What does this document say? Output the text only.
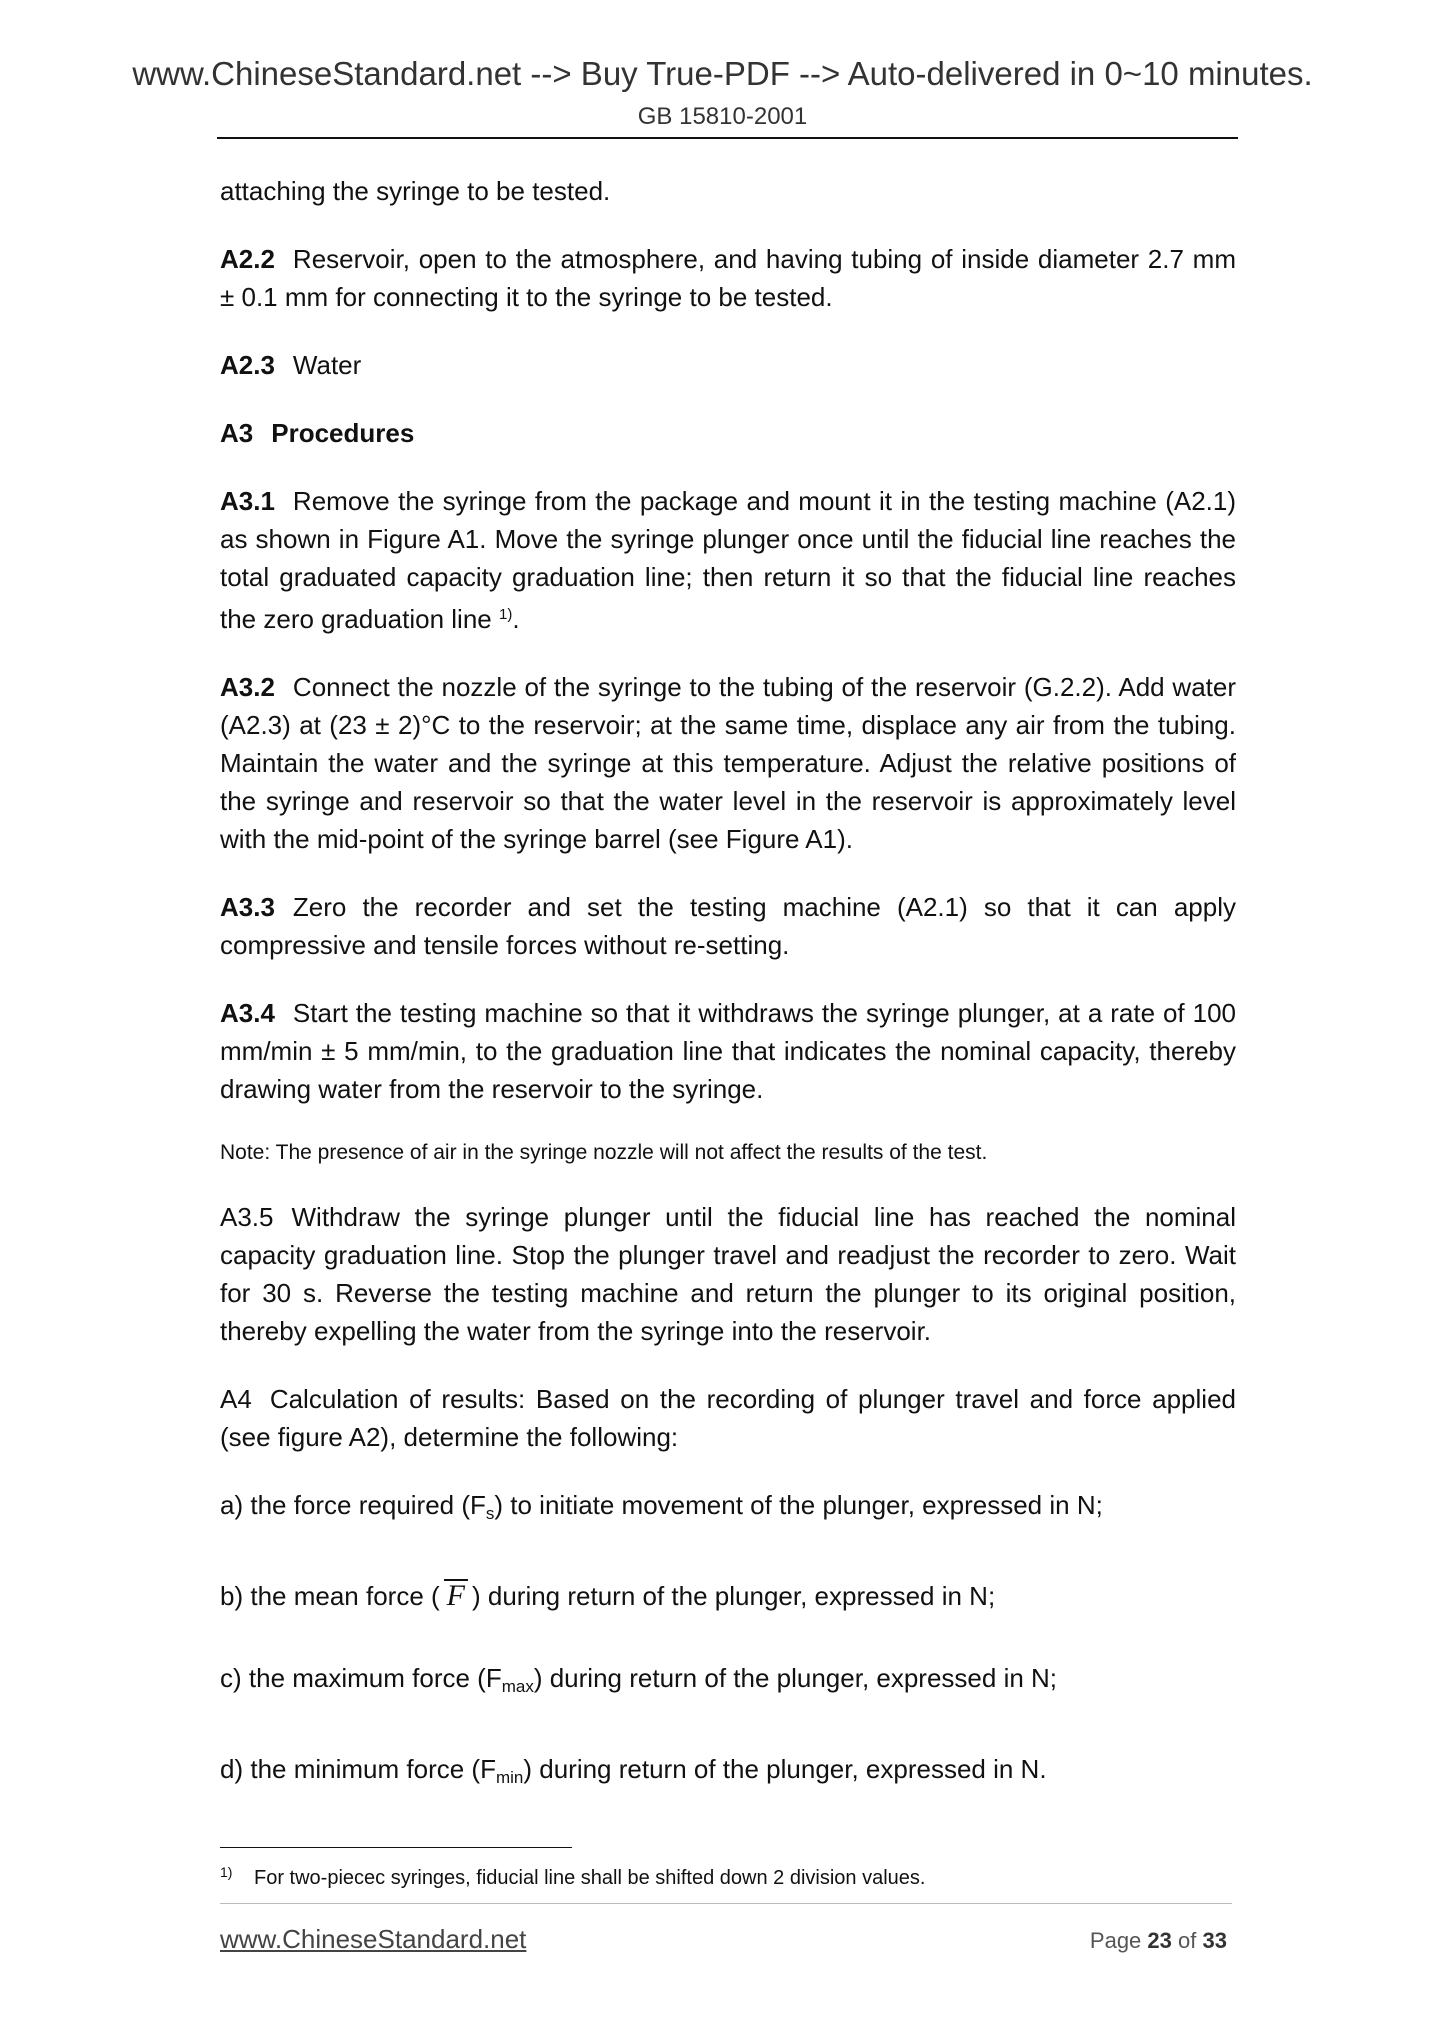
www.ChineseStandard.net --> Buy True-PDF --> Auto-delivered in 0~10 minutes.
GB 15810-2001

attaching the syringe to be tested.

A2.2 Reservoir, open to the atmosphere, and having tubing of inside diameter 2.7 mm ± 0.1 mm for connecting it to the syringe to be tested.

A2.3 Water

A3 Procedures

A3.1 Remove the syringe from the package and mount it in the testing machine (A2.1) as shown in Figure A1. Move the syringe plunger once until the fiducial line reaches the total graduated capacity graduation line; then return it so that the fiducial line reaches the zero graduation line $^{1)}$.

A3.2 Connect the nozzle of the syringe to the tubing of the reservoir (G.2.2). Add water (A2.3) at (23 ± 2)°C to the reservoir; at the same time, displace any air from the tubing. Maintain the water and the syringe at this temperature. Adjust the relative positions of the syringe and reservoir so that the water level in the reservoir is approximately level with the mid-point of the syringe barrel (see Figure A1).

A3.3 Zero the recorder and set the testing machine (A2.1) so that it can apply compressive and tensile forces without re-setting.

A3.4 Start the testing machine so that it withdraws the syringe plunger, at a rate of 100 mm/min ± 5 mm/min, to the graduation line that indicates the nominal capacity, thereby drawing water from the reservoir to the syringe.

Note: The presence of air in the syringe nozzle will not affect the results of the test.

A3.5 Withdraw the syringe plunger until the fiducial line has reached the nominal capacity graduation line. Stop the plunger travel and readjust the recorder to zero. Wait for 30 s. Reverse the testing machine and return the plunger to its original position, thereby expelling the water from the syringe into the reservoir.

A4 Calculation of results: Based on the recording of plunger travel and force applied (see figure A2), determine the following:

a) the force required $(F_s)$ to initiate movement of the plunger, expressed in N;

b) the mean force ( F ) during return of the plunger, expressed in N;

c) the maximum force $(F_{max})$ during return of the plunger, expressed in N;

d) the minimum force $(F_{min})$ during return of the plunger, expressed in N.

1) For two-piecec syringes, fiducial line shall be shifted down 2 division values.
www.ChineseStandard.net	Page 23 of 33
